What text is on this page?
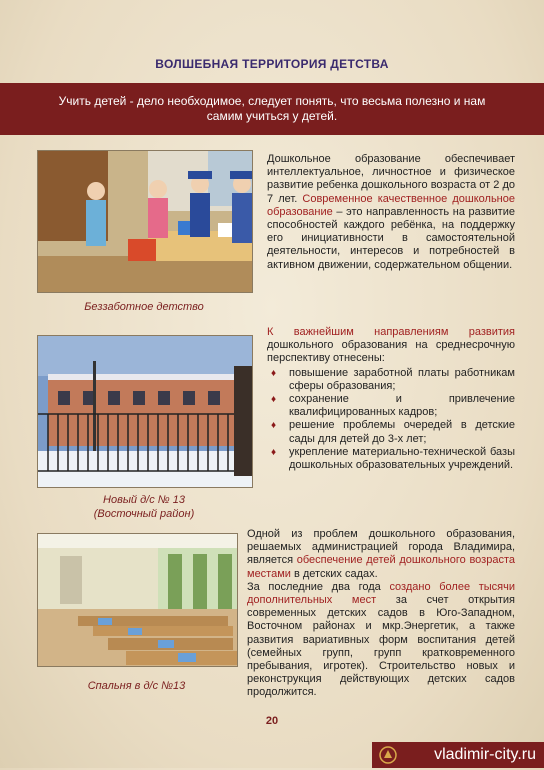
ВОЛШЕБНАЯ ТЕРРИТОРИЯ ДЕТСТВА
Учить детей - дело необходимое, следует понять, что весьма полезно и нам самим учиться у детей.
Беззаботное детство
Дошкольное образование обеспечивает интеллектуальное, личностное и физическое развитие ребенка дошкольного возраста от 2 до 7 лет. Современное качественное дошкольное образование – это направленность на развитие способностей каждого ребёнка, на поддержку его инициативности в самостоятельной деятельности, интересов и потребностей в активном движении, содержательном общении.
Новый д/с № 13
(Восточный район)
К важнейшим направлениям развития дошкольного образования на среднесрочную перспективу отнесены:
♦ повышение заработной платы работникам сферы образования;
♦ сохранение и привлечение квалифицированных кадров;
♦ решение проблемы очередей в детские сады для детей до 3-х лет;
♦ укрепление материально-технической базы дошкольных образовательных учреждений.
Спальня в д/с №13
Одной из проблем дошкольного образования, решаемых администрацией города Владимира, является обеспечение детей дошкольного возраста местами в детских садах.
За последние два года создано более тысячи дополнительных мест за счет открытия современных детских садов в Юго-Западном, Восточном районах и мкр.Энергетик, а также развития вариативных форм воспитания детей (семейных групп, групп кратковременного пребывания, игротек). Строительство новых и реконструкция действующих детских садов продолжится.
20
vladimir-city.ru
